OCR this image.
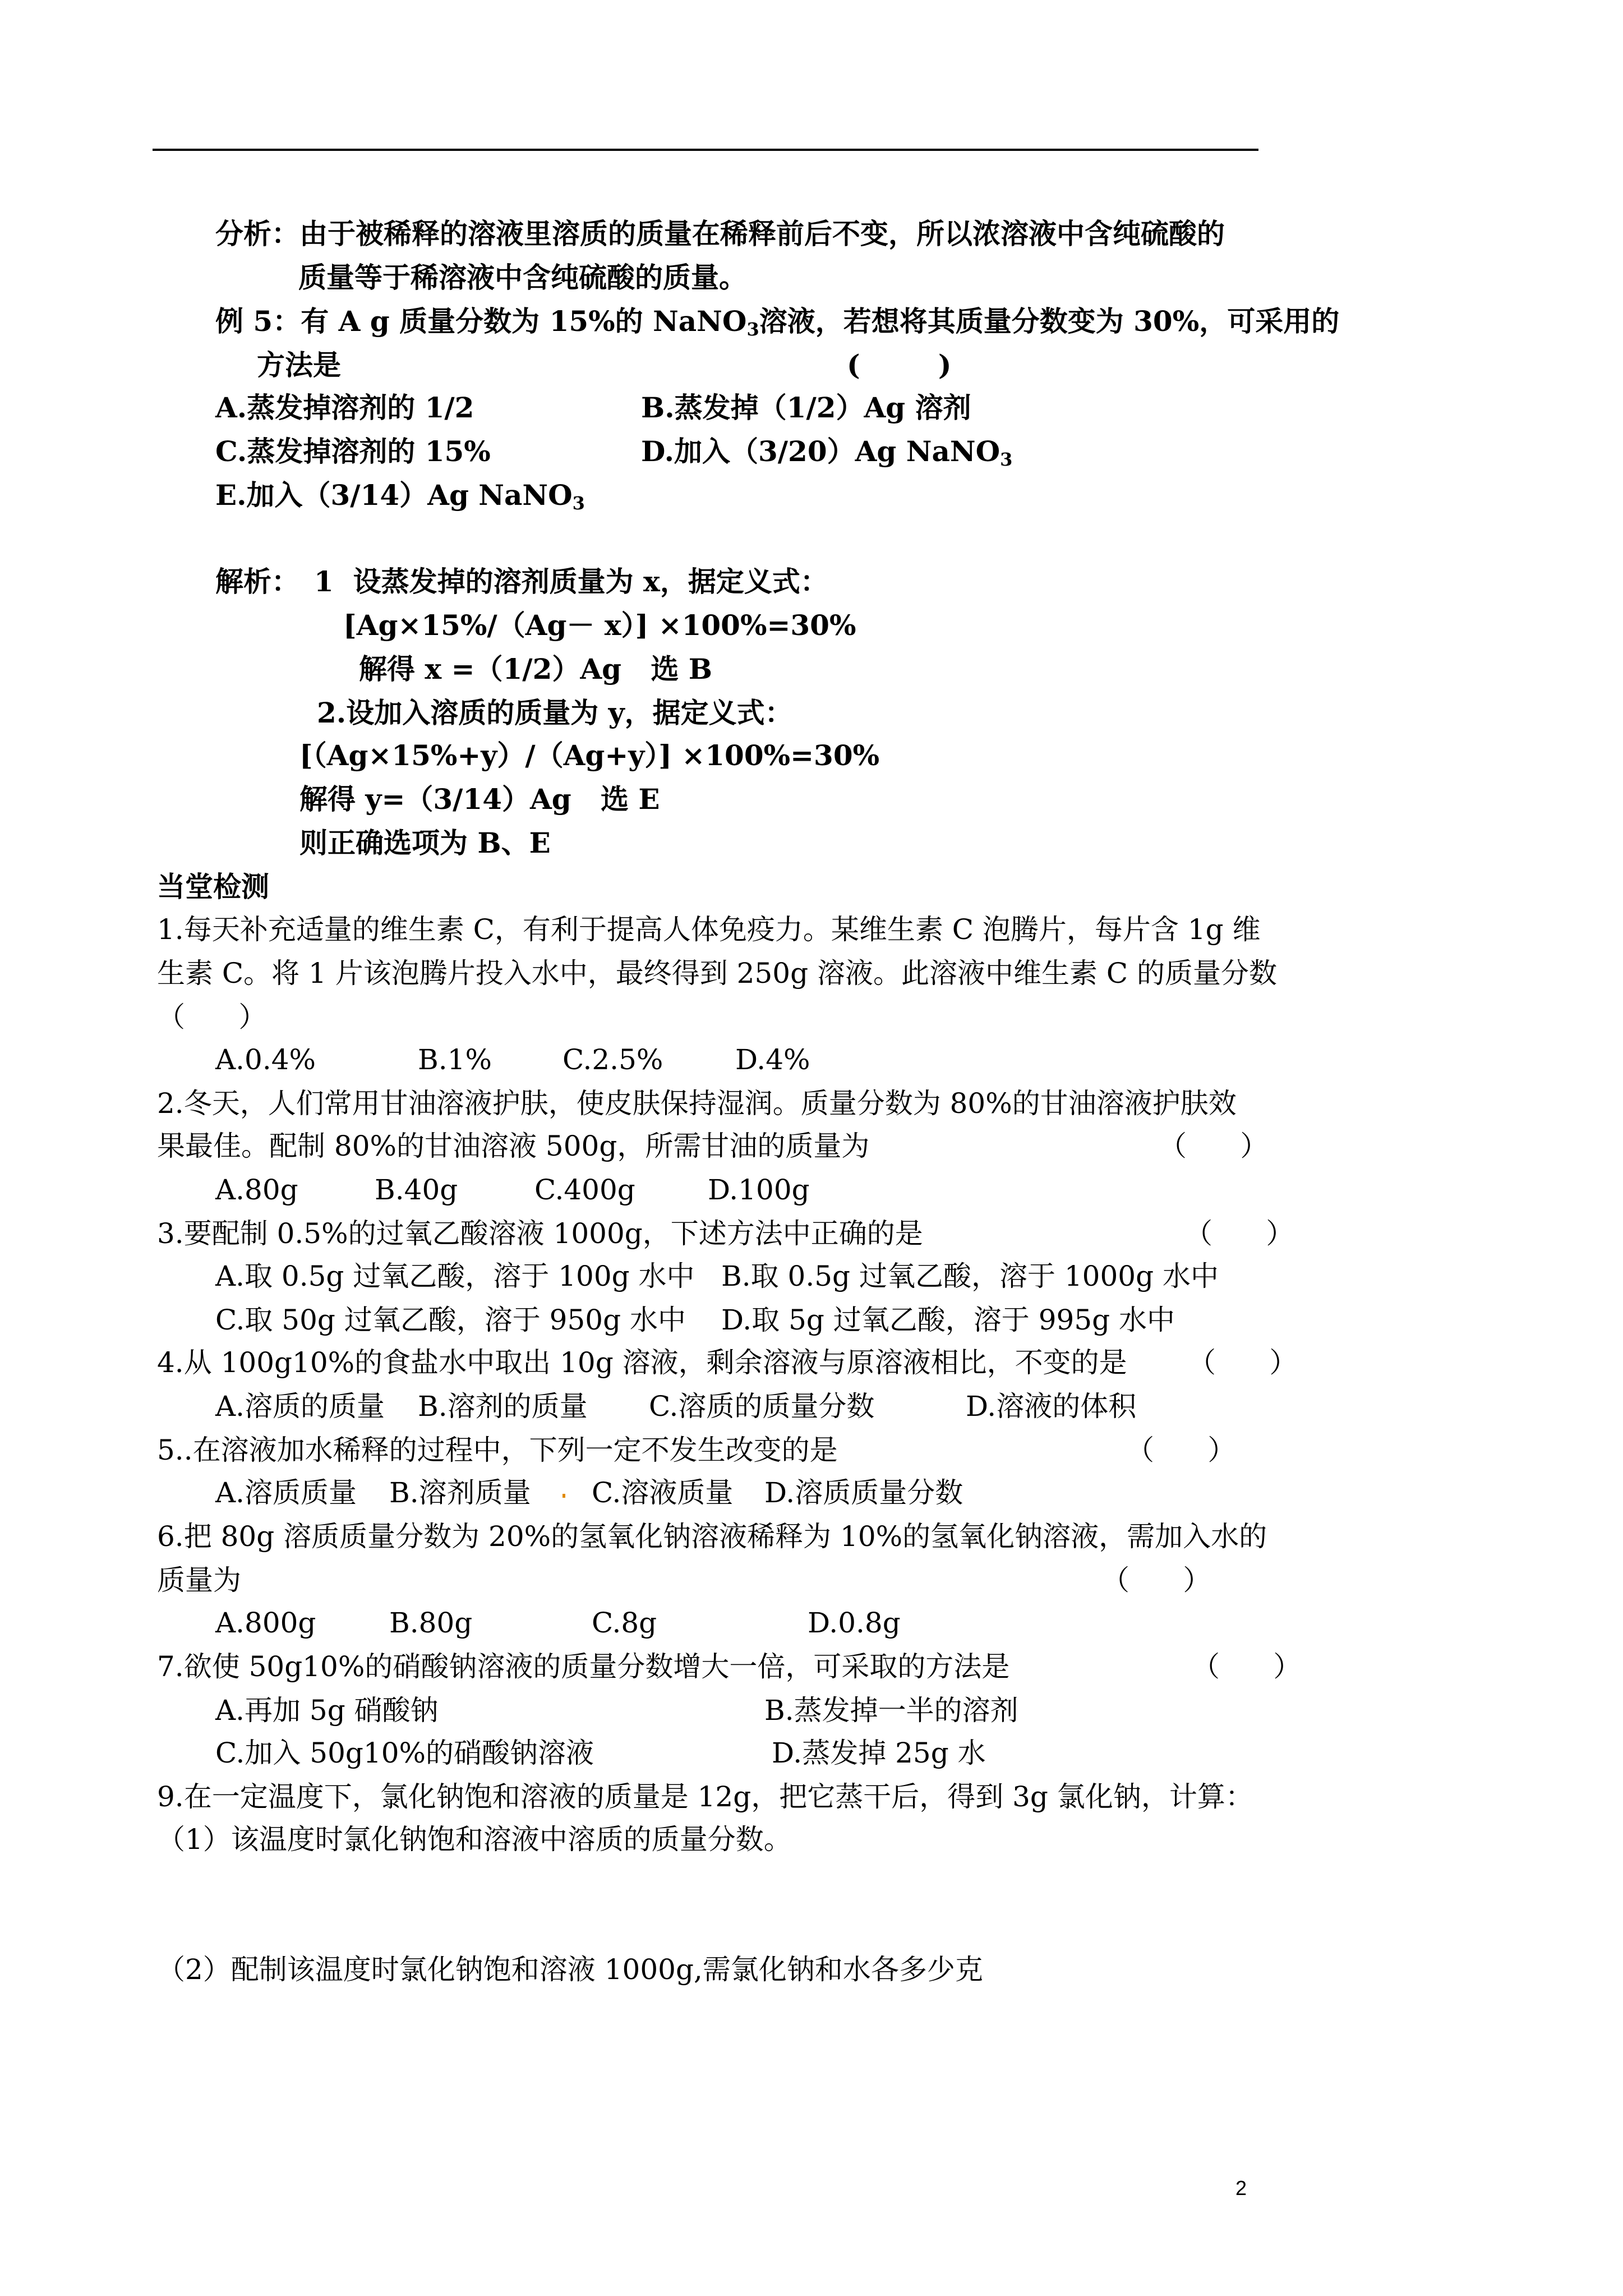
分析：由于被稀释的溶液里溶质的质量在稀释前后不变，所以浓溶液中含纯硫酸的
质量等于稀溶液中含纯硫酸的质量。
例 5：有 A g 质量分数为 15%的 NaNO$_3$溶液，若想将其质量分数变为 30%，可采用的
方法是	(        )
A.蒸发掉溶剂的 1/2	B.蒸发掉（1/2）Ag 溶剂
C.蒸发掉溶剂的 15%	D.加入（3/20）Ag NaNO$_3$
E.加入（3/14）Ag NaNO$_3$
解析： 1  设蒸发掉的溶剂质量为 x，据定义式：
[Ag×15%/（Ag－ x）] ×100%=30%
解得 x =（1/2）Ag   选 B
2.设加入溶质的质量为 y，据定义式：
[（Ag×15%+y）/（Ag+y）] ×100%=30%
解得 y=（3/14）Ag   选 E
则正确选项为 B、E
当堂检测
1.每天补充适量的维生素 C，有利于提高人体免疫力。某维生素 C 泡腾片，每片含 1g 维
生素 C。将 1 片该泡腾片投入水中，最终得到 250g 溶液。此溶液中维生素 C 的质量分数
（      ）
A.0.4%	B.1%	C.2.5%	D.4%
2.冬天，人们常用甘油溶液护肤，使皮肤保持湿润。质量分数为 80%的甘油溶液护肤效
果最佳。配制 80%的甘油溶液 500g，所需甘油的质量为	（      ）
A.80g	B.40g	C.400g	D.100g
3.要配制 0.5%的过氧乙酸溶液 1000g，下述方法中正确的是	（      ）
A.取 0.5g 过氧乙酸，溶于 100g 水中 B.取 0.5g 过氧乙酸，溶于 1000g 水中
C.取 50g 过氧乙酸，溶于 950g 水中 D.取 5g 过氧乙酸，溶于 995g 水中
4.从 100g10%的食盐水中取出 10g 溶液，剩余溶液与原溶液相比，不变的是 （      ）
A.溶质的质量 B.溶剂的质量 C.溶质的质量分数	D.溶液的体积
5..在溶液加水稀释的过程中，下列一定不发生改变的是	（      ）
A.溶质质量 B.溶剂质量 C.溶液质量 D.溶质质量分数
6.把 80g 溶质质量分数为 20%的氢氧化钠溶液稀释为 10%的氢氧化钠溶液，需加入水的
质量为	（      ）
A.800g	B.80g	C.8g	D.0.8g
7.欲使 50g10%的硝酸钠溶液的质量分数增大一倍，可采取的方法是	（      ）
A.再加 5g 硝酸钠	B.蒸发掉一半的溶剂
C.加入 50g10%的硝酸钠溶液	D.蒸发掉 25g 水
9.在一定温度下，氯化钠饱和溶液的质量是 12g，把它蒸干后，得到 3g 氯化钠，计算：
（1）该温度时氯化钠饱和溶液中溶质的质量分数。
（2）配制该温度时氯化钠饱和溶液 1000g,需氯化钠和水各多少克
2
